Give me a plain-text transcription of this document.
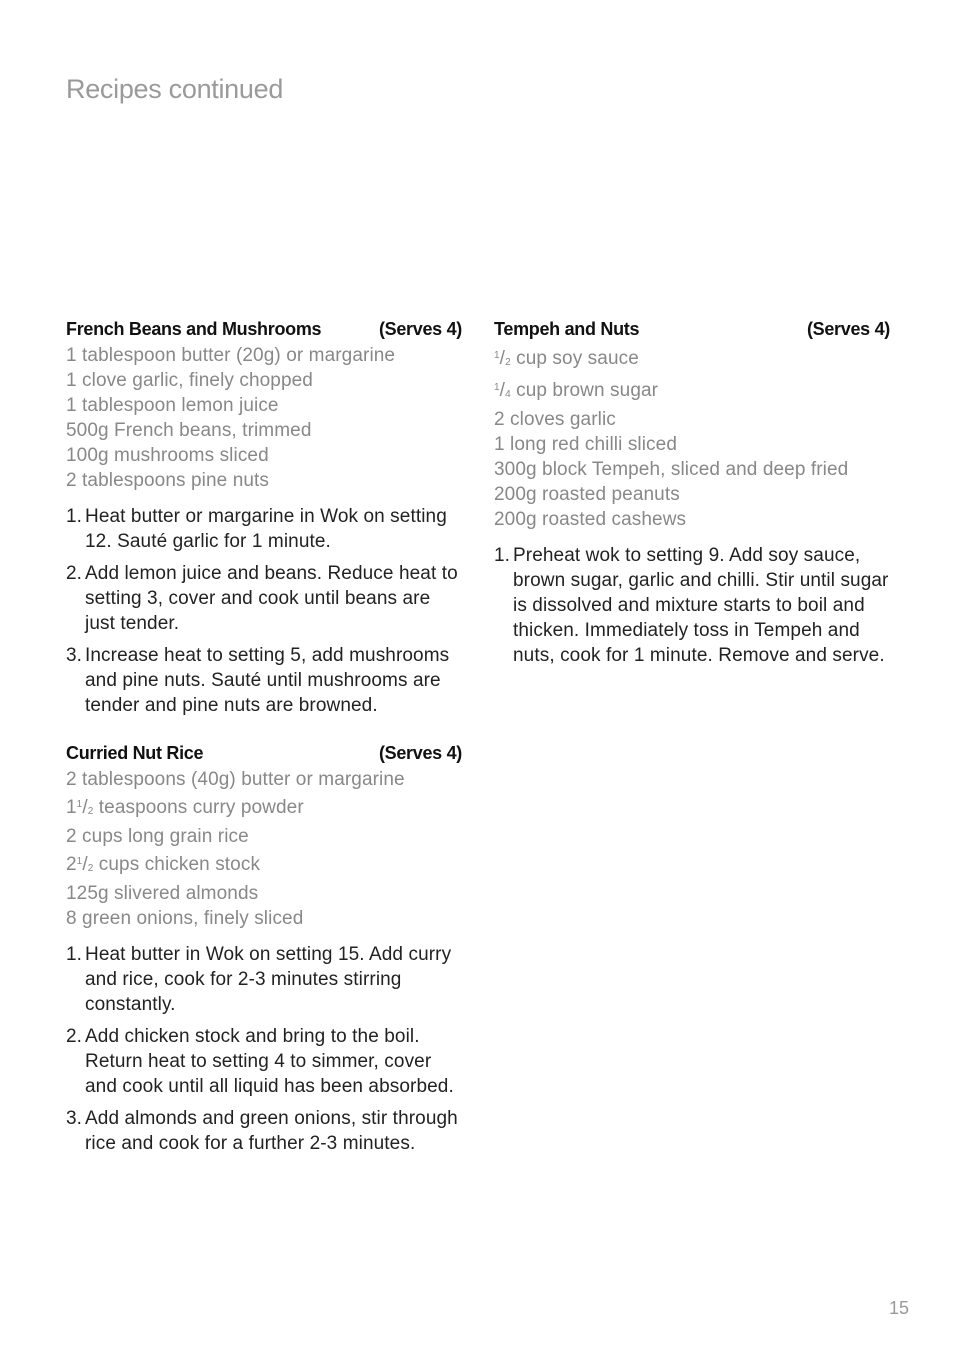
Recipes continued
French Beans and Mushrooms	(Serves 4)
1 tablespoon butter (20g) or margarine
1 clove garlic, finely chopped
1 tablespoon lemon juice
500g French beans, trimmed
100g mushrooms sliced
2 tablespoons pine nuts
1. Heat butter or margarine in Wok on setting 12. Sauté garlic for 1 minute.
2. Add lemon juice and beans. Reduce heat to setting 3, cover and cook until beans are just tender.
3. Increase heat to setting 5, add mushrooms and pine nuts. Sauté until mushrooms are tender and pine nuts are browned.
Curried Nut Rice	(Serves 4)
2 tablespoons (40g) butter or margarine
$1^1/_2$ teaspoons curry powder
2 cups long grain rice
$2^1/_2$ cups chicken stock
125g slivered almonds
8 green onions, finely sliced
1. Heat butter in Wok on setting 15. Add curry and rice, cook for 2-3 minutes stirring constantly.
2. Add chicken stock and bring to the boil. Return heat to setting 4 to simmer, cover and cook until all liquid has been absorbed.
3. Add almonds and green onions, stir through rice and cook for a further 2-3 minutes.
Tempeh and Nuts	(Serves 4)
$^1/_2$ cup soy sauce
$^1/_4$ cup brown sugar
2 cloves garlic
1 long red chilli sliced
300g block Tempeh, sliced and deep fried
200g roasted peanuts
200g roasted cashews
1. Preheat wok to setting 9. Add soy sauce, brown sugar, garlic and chilli. Stir until sugar is dissolved and mixture starts to boil and thicken. Immediately toss in Tempeh and nuts, cook for 1 minute. Remove and serve.
15
